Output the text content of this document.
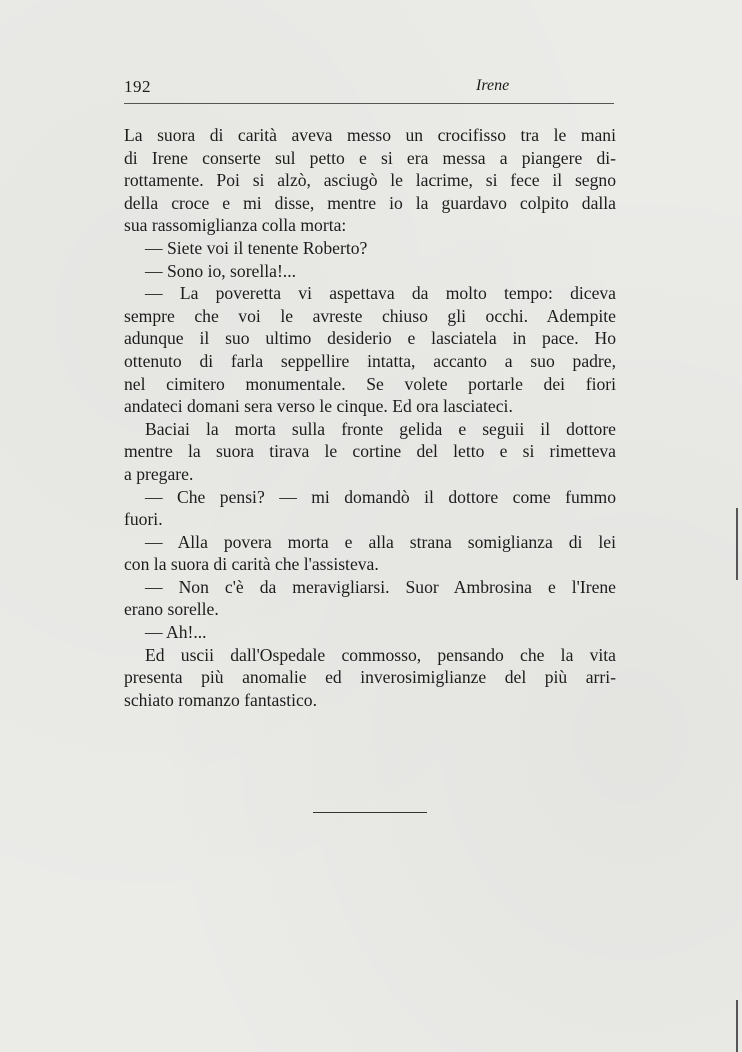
192	Irene
La suora di carità aveva messo un crocifisso tra le mani
di Irene conserte sul petto e si era messa a piangere di-
rottamente. Poi si alzò, asciugò le lacrime, si fece il segno
della croce e mi disse, mentre io la guardavo colpito dalla
sua rassomiglianza colla morta:
— Siete voi il tenente Roberto?
— Sono io, sorella!...
— La poveretta vi aspettava da molto tempo: diceva
sempre che voi le avreste chiuso gli occhi. Adempite
adunque il suo ultimo desiderio e lasciatela in pace. Ho
ottenuto di farla seppellire intatta, accanto a suo padre,
nel cimitero monumentale. Se volete portarle dei fiori
andateci domani sera verso le cinque. Ed ora lasciateci.
Baciai la morta sulla fronte gelida e seguii il dottore
mentre la suora tirava le cortine del letto e si rimetteva
a pregare.
— Che pensi? — mi domandò il dottore come fummo
fuori.
— Alla povera morta e alla strana somiglianza di lei
con la suora di carità che l'assisteva.
— Non c'è da meravigliarsi. Suor Ambrosina e l'Irene
erano sorelle.
— Ah!...
Ed uscii dall'Ospedale commosso, pensando che la vita
presenta più anomalie ed inverosimiglianze del più arri-
schiato romanzo fantastico.
